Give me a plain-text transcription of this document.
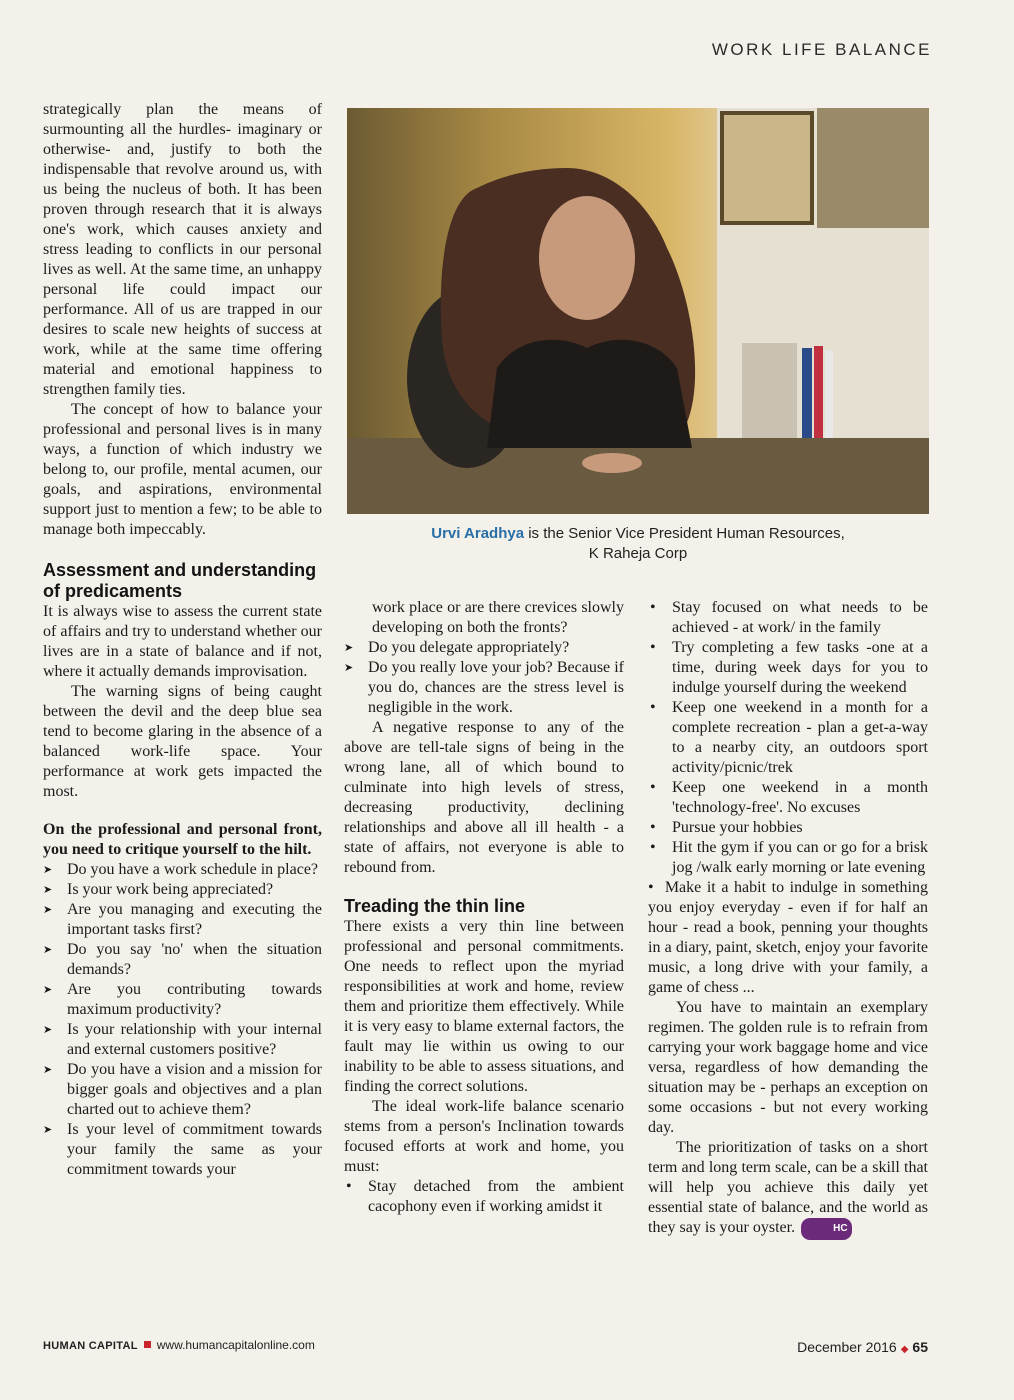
WORK LIFE BALANCE

strategically plan the means of surmounting all the hurdles- imaginary or otherwise- and, justify to both the indispensable that revolve around us, with us being the nucleus of both. It has been proven through research that it is always one's work, which causes anxiety and stress leading to conflicts in our personal lives as well. At the same time, an unhappy personal life could impact our performance. All of us are trapped in our desires to scale new heights of success at work, while at the same time offering material and emotional happiness to strengthen family ties.

The concept of how to balance your professional and personal lives is in many ways, a function of which industry we belong to, our profile, mental acumen, our goals, and aspirations, environmental support just to mention a few; to be able to manage both impeccably.

Assessment and understanding of predicaments

It is always wise to assess the current state of affairs and try to understand whether our lives are in a state of balance and if not, where it actually demands improvisation.

The warning signs of being caught between the devil and the deep blue sea tend to become glaring in the absence of a balanced work-life space. Your performance at work gets impacted the most.

On the professional and personal front, you need to critique yourself to the hilt.

➤ Do you have a work schedule in place?
➤ Is your work being appreciated?
➤ Are you managing and executing the important tasks first?
➤ Do you say 'no' when the situation demands?
➤ Are you contributing towards maximum productivity?
➤ Is your relationship with your internal and external customers positive?
➤ Do you have a vision and a mission for bigger goals and objectives and a plan charted out to achieve them?
➤ Is your level of commitment towards your family the same as your commitment towards your
Urvi Aradhya is the Senior Vice President Human Resources,
K Raheja Corp

work place or are there crevices slowly developing on both the fronts?

➤ Do you delegate appropriately?
➤ Do you really love your job? Because if you do, chances are the stress level is negligible in the work.

A negative response to any of the above are tell-tale signs of being in the wrong lane, all of which bound to culminate into high levels of stress, decreasing productivity, declining relationships and above all ill health - a state of affairs, not everyone is able to rebound from.

Treading the thin line

There exists a very thin line between professional and personal commitments. One needs to reflect upon the myriad responsibilities at work and home, review them and prioritize them effectively. While it is very easy to blame external factors, the fault may lie within us owing to our inability to be able to assess situations, and finding the correct solutions.

The ideal work-life balance scenario stems from a person's Inclination towards focused efforts at work and home, you must:

• Stay detached from the ambient cacophony even if working amidst it
• Stay focused on what needs to be achieved - at work/ in the family
• Try completing a few tasks -one at a time, during week days for you to indulge yourself during the weekend
• Keep one weekend in a month for a complete recreation - plan a get-a-way to a nearby city, an outdoors sport activity/picnic/trek
• Keep one weekend in a month 'technology-free'. No excuses
• Pursue your hobbies
• Hit the gym if you can or go for a brisk jog /walk early morning or late evening

•  Make it a habit to indulge in something you enjoy everyday - even if for half an hour - read a book, penning your thoughts in a diary, paint, sketch, enjoy your favorite music, a long drive with your family, a game of chess ...

You have to maintain an exemplary regimen. The golden rule is to refrain from carrying your work baggage home and vice versa, regardless of how demanding the situation may be - perhaps an exception on some occasions - but not every working day.

The prioritization of tasks on a short term and long term scale, can be a skill that will help you achieve this daily yet essential state of balance, and the world as they say is your oyster.	HC

HUMAN CAPITAL www.humancapitalonline.com	December 2016 ◆ 65
